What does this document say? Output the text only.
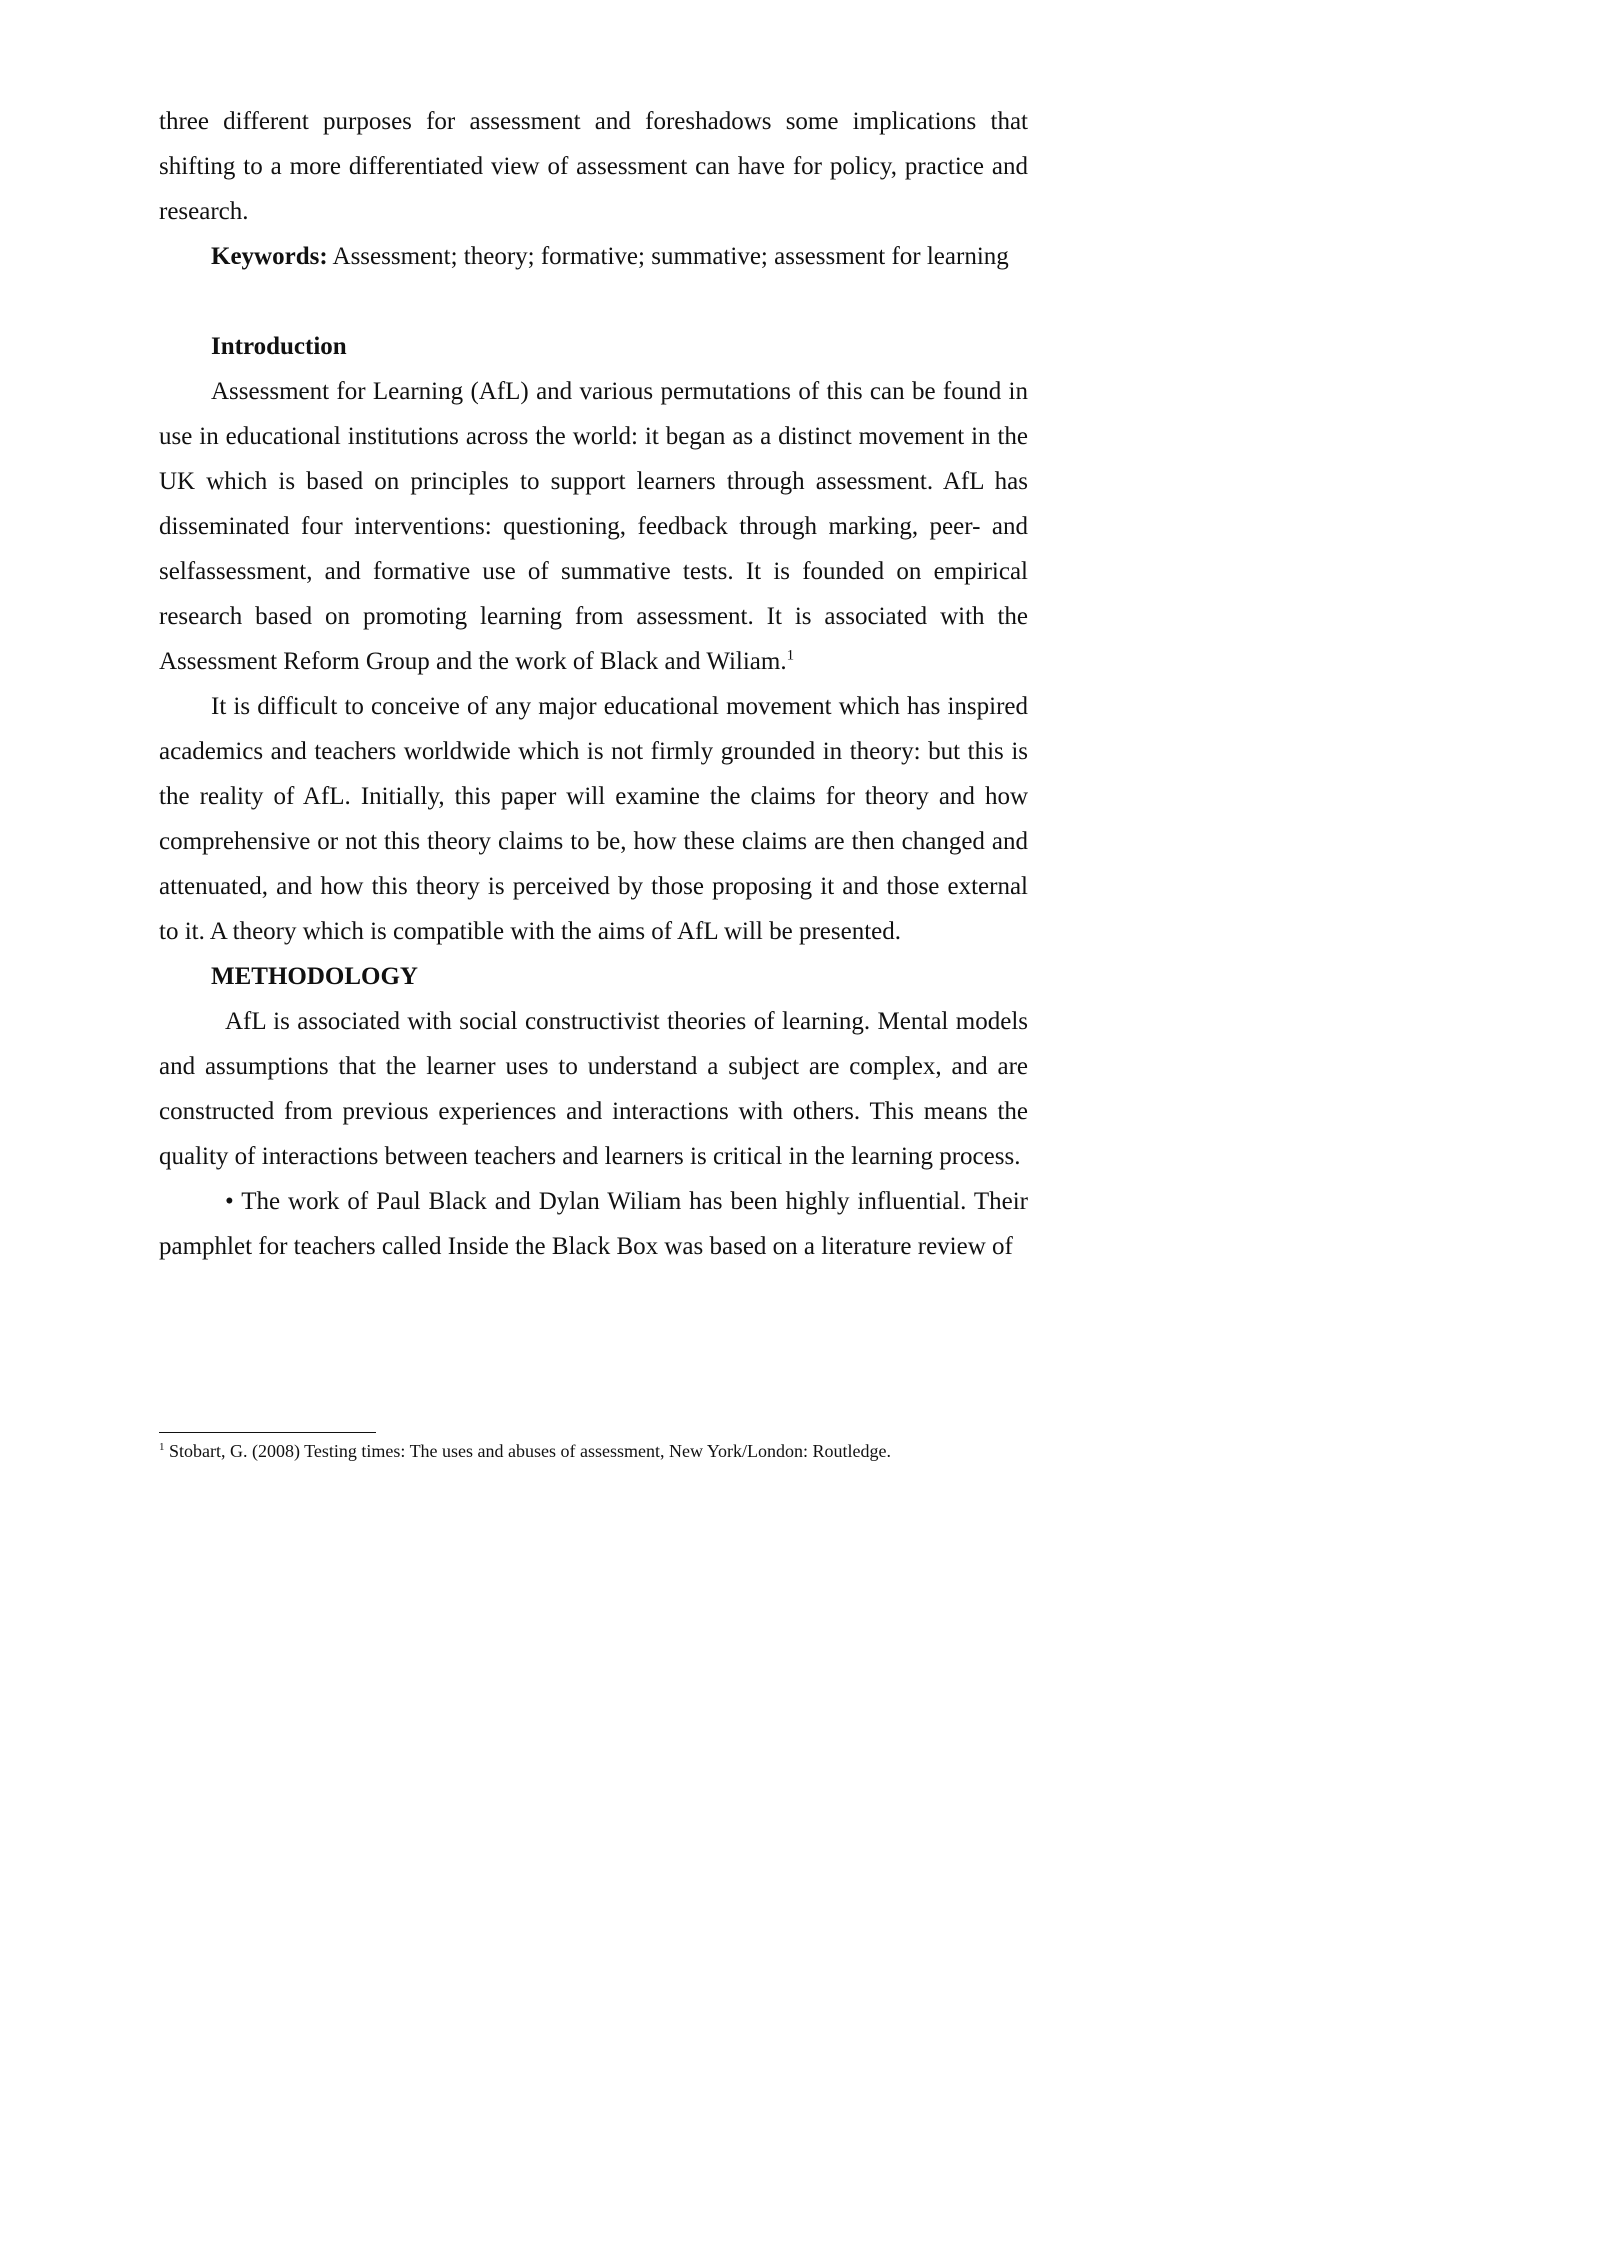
three different purposes for assessment and foreshadows some implications that shifting to a more differentiated view of assessment can have for policy, practice and research.

Keywords: Assessment; theory; formative; summative; assessment for learning

Introduction

Assessment for Learning (AfL) and various permutations of this can be found in use in educational institutions across the world: it began as a distinct movement in the UK which is based on principles to support learners through assessment. AfL has disseminated four interventions: questioning, feedback through marking, peer- and selfassessment, and formative use of summative tests. It is founded on empirical research based on promoting learning from assessment. It is associated with the Assessment Reform Group and the work of Black and Wiliam.$^1$

It is difficult to conceive of any major educational movement which has inspired academics and teachers worldwide which is not firmly grounded in theory: but this is the reality of AfL. Initially, this paper will examine the claims for theory and how comprehensive or not this theory claims to be, how these claims are then changed and attenuated, and how this theory is perceived by those proposing it and those external to it. A theory which is compatible with the aims of AfL will be presented.

METHODOLOGY

AfL is associated with social constructivist theories of learning. Mental models and assumptions that the learner uses to understand a subject are complex, and are constructed from previous experiences and interactions with others. This means the quality of interactions between teachers and learners is critical in the learning process.

• The work of Paul Black and Dylan Wiliam has been highly influential. Their pamphlet for teachers called Inside the Black Box was based on a literature review of

$^1$ Stobart, G. (2008) Testing times: The uses and abuses of assessment, New York/London: Routledge.
